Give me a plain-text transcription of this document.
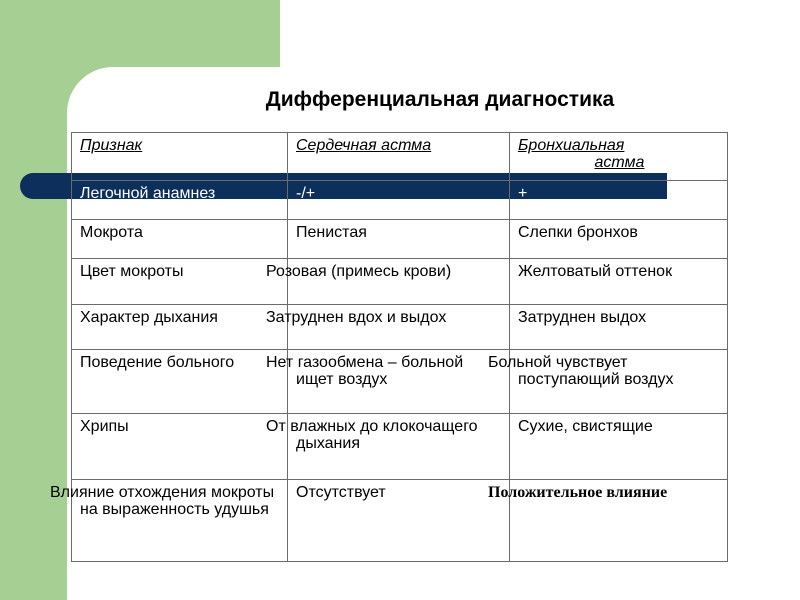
Дифференциальная диагностика
Признак	Сердечная астма	Бронхиальная

астма

Легочной анамнез	-/+	+
Мокрота	Пенистая	Слепки бронхов
Цвет мокроты	Розовая (примесь крови)	Желтоватый оттенок
Характер дыхания	Затруднен вдох и выдох	Затруднен выдох
Поведение больного	Нет газообмена – больной ищет воздух	Больной чувствует поступающий воздух
Хрипы	От влажных до клокочащего дыхания	Сухие, свистящие
Влияние отхождения мокроты на выраженность удушья	Отсутствует	Положительное влияние
